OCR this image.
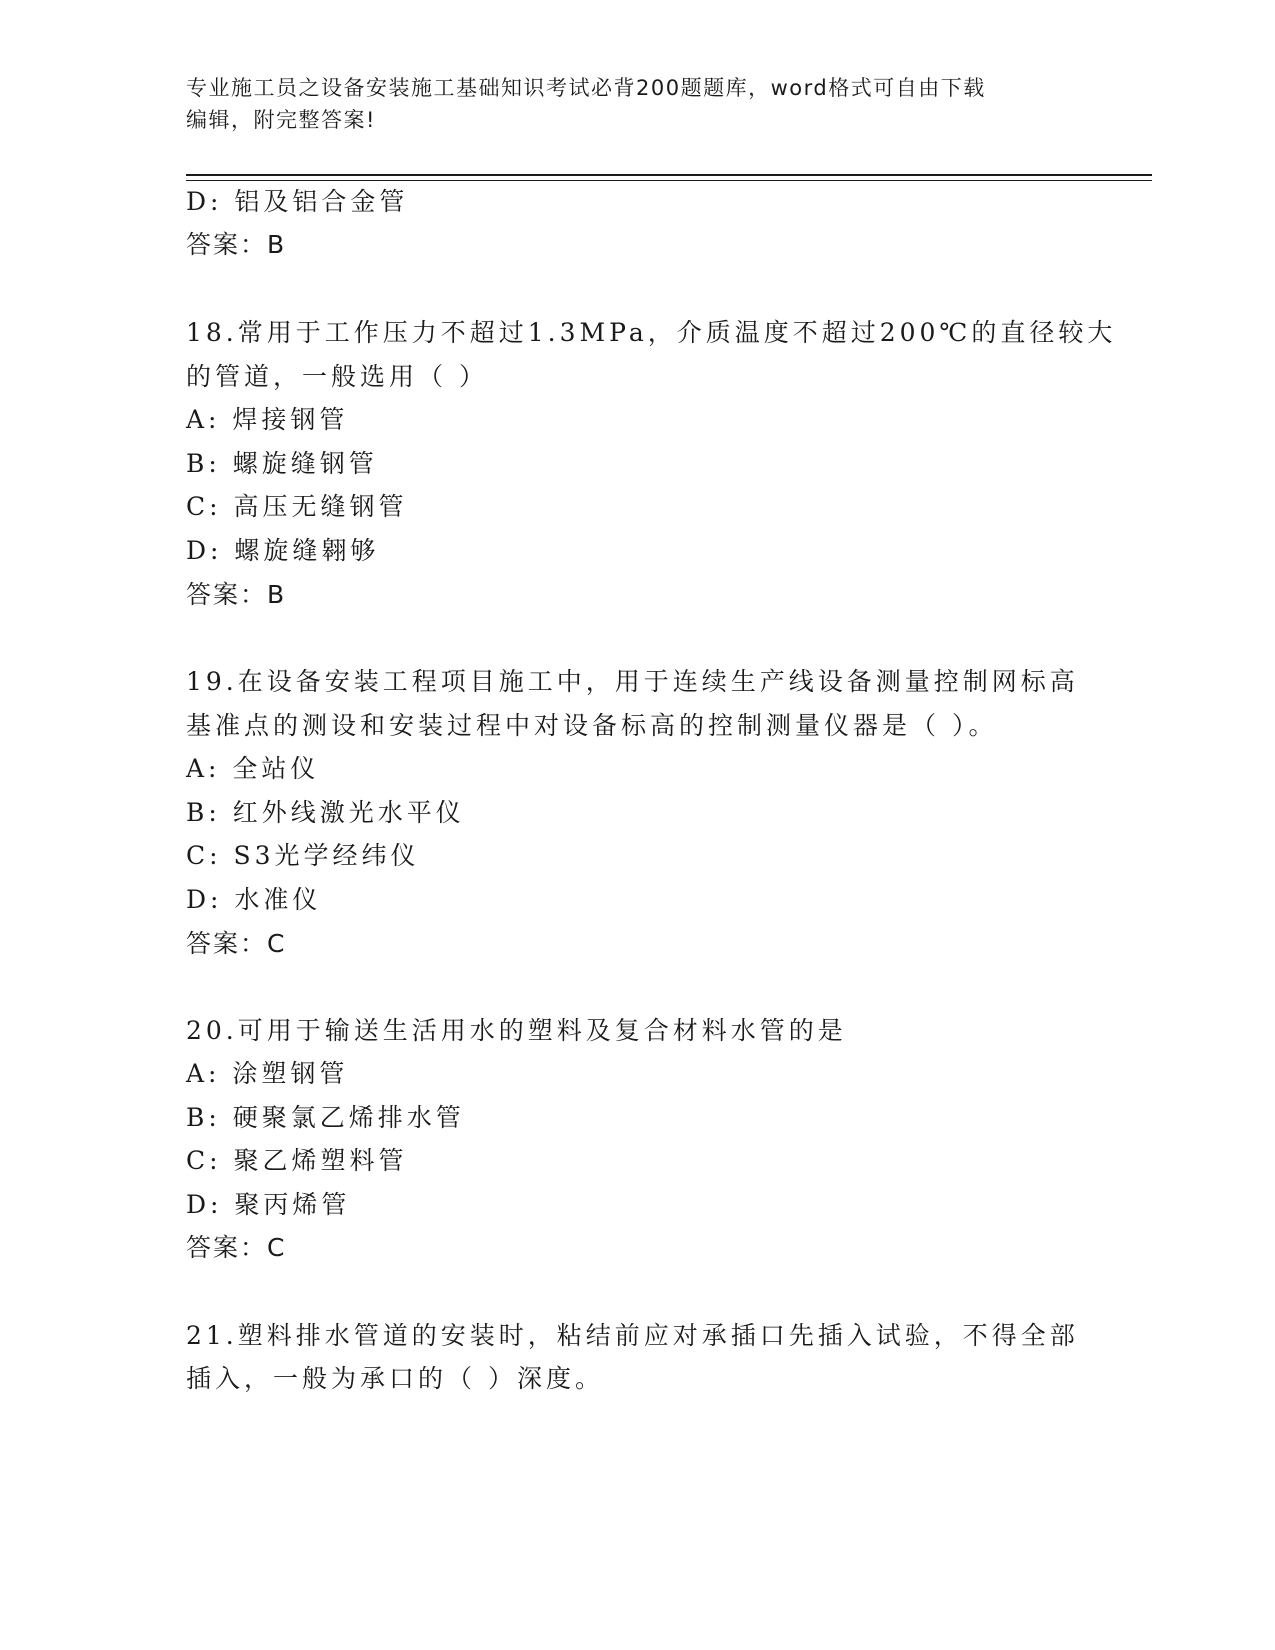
专业施工员之设备安装施工基础知识考试必背200题题库，word格式可自由下载
编辑，附完整答案!
D: 铝及铝合金管
答案：B
18.常用于工作压力不超过1.3MPa，介质温度不超过200℃的直径较大
的管道，一般选用（ ）
A: 焊接钢管
B: 螺旋缝钢管
C: 高压无缝钢管
D: 螺旋缝翱够
答案：B
19.在设备安装工程项目施工中，用于连续生产线设备测量控制网标高
基准点的测设和安装过程中对设备标高的控制测量仪器是（ ）。
A: 全站仪
B: 红外线激光水平仪
C: S3光学经纬仪
D: 水准仪
答案：C
20.可用于输送生活用水的塑料及复合材料水管的是
A: 涂塑钢管
B: 硬聚氯乙烯排水管
C: 聚乙烯塑料管
D: 聚丙烯管
答案：C
21.塑料排水管道的安装时，粘结前应对承插口先插入试验，不得全部
插入，一般为承口的（ ）深度。
